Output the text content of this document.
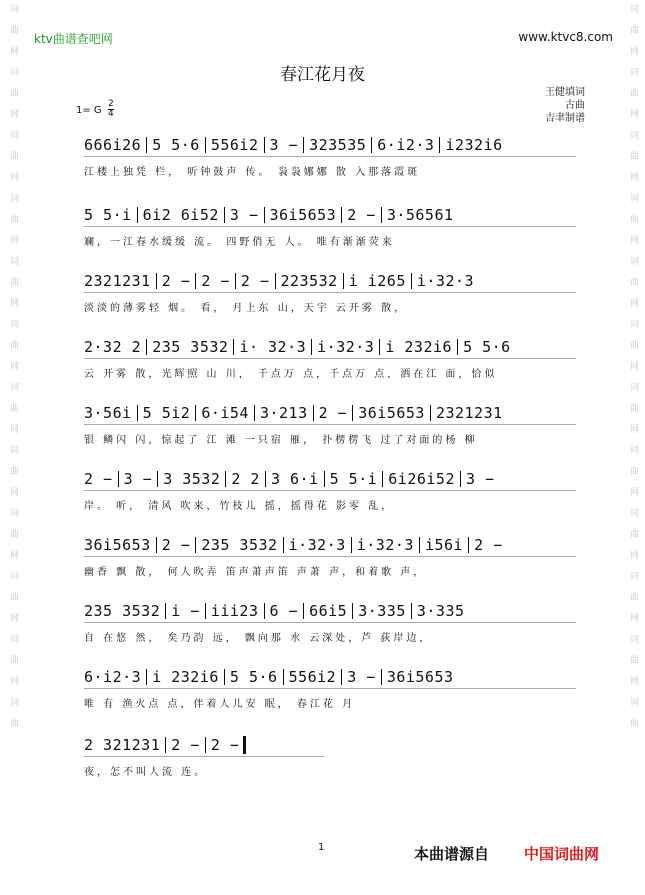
词
曲
网
词
曲
网
词
曲
网
词
曲
网
词
曲
网
词
曲
网
词
曲
网
词
曲
网
词
曲
网
词
曲
网
词
曲
网
词
曲
词
曲
网
词
曲
网
词
曲
网
词
曲
网
词
曲
网
词
曲
网
词
曲
网
词
曲
网
词
曲
网
词
曲
网
词
曲
网
词
曲
ktv曲谱查吧网	www.ktvc8.com
春江花月夜
王健填词
古曲
吉聿制谱
1= G
2
4
666i26 5 5·6 556i2 3 − 323535 6·i2·3 i232i6
江楼上独凭 栏， 听钟鼓声 传。 袅袅娜娜 散 入那落霞斑
5 5·i 6i2 6i52 3 − 36i5653 2 − 3·56561
斓，一江春水缓缓 流。 四野俏无 人。 唯有渐渐荧来
2321231 2 − 2 − 2 − 223532 i i265 i·32·3
淡淡的薄雾轻 烟。 看， 月上东 山，天宇 云开雾 散，
2·32 2 235 3532 i· 32·3 i·32·3 i 232i6 5 5·6
云 开雾 散，光辉照 山 川， 千点万 点，千点万 点，洒在江 面，恰似
3·56i 5 5i2 6·i54 3·213 2 − 36i5653 2321231
银 鳞闪 闪，惊起了 江 滩 一只宿 雁， 扑楞楞飞 过了对面的杨 柳
2 − 3 − 3 3532 2 2 3 6·i 5 5·i 6i26i52 3 −
岸。 听， 清风 吹来，竹枝儿 摇，摇得花 影零 乱，
36i5653 2 − 235 3532 i·32·3 i·32·3 i56i 2 −
幽香 飘 散， 何人吹弄 笛声萧声笛 声萧 声，和着歌 声，
235 3532 i − iii23 6 − 66i5 3·335 3·335
自 在悠 然， 矣乃韵 远， 飘向那 水 云深处，芦 荻岸边，
6·i2·3 i 232i6 5 5·6 556i2 3 − 36i5653
唯 有 渔火点 点，伴着人儿安 眠， 春江花 月
2 321231 2 − 2 −
夜，怎不叫人流 连。
1	本曲谱源自 中国词曲网
